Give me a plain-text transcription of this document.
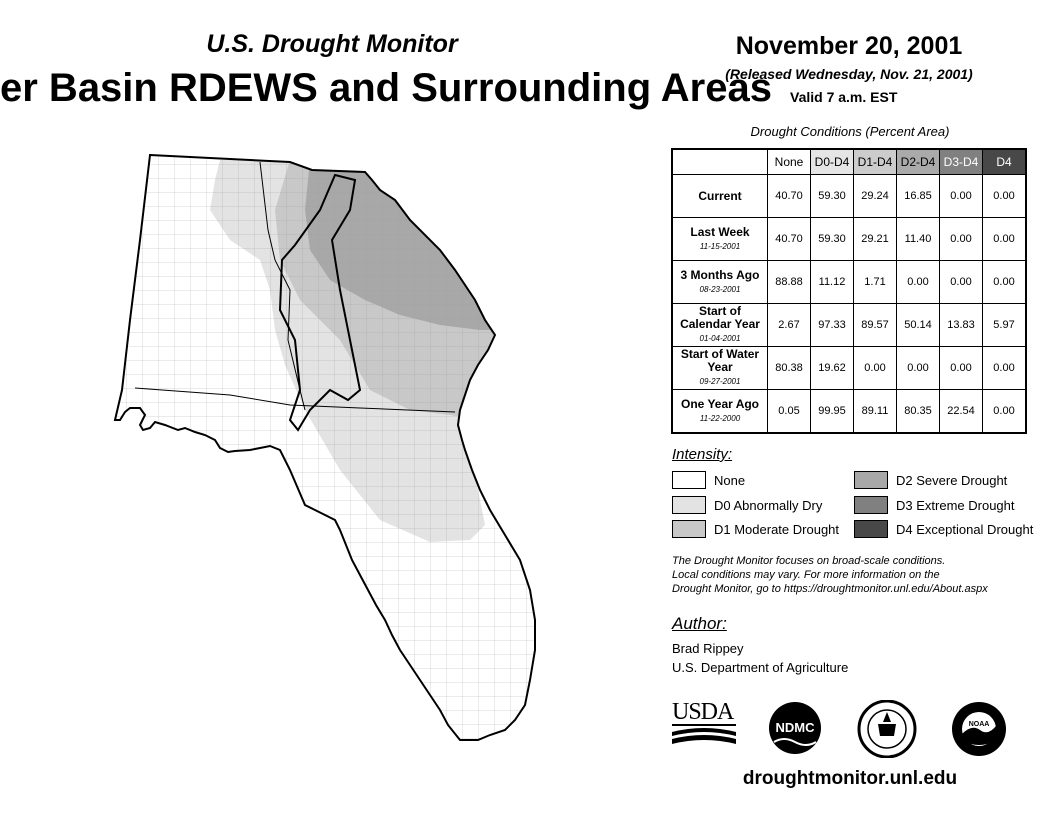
U.S. Drought Monitor
er Basin RDEWS and Surrounding Areas
November 20, 2001
(Released Wednesday, Nov. 21, 2001)
Valid 7 a.m. EST
Drought Conditions (Percent Area)
	None	D0-D4	D1-D4	D2-D4	D3-D4	D4
Current	40.70	59.30	29.24	16.85	0.00	0.00
Last Week
11-15-2001	40.70	59.30	29.21	11.40	0.00	0.00
3 Months Ago
08-23-2001	88.88	11.12	1.71	0.00	0.00	0.00
Start of Calendar Year
01-04-2001	2.67	97.33	89.57	50.14	13.83	5.97
Start of Water Year
09-27-2001	80.38	19.62	0.00	0.00	0.00	0.00
One Year Ago
11-22-2000	0.05	99.95	89.11	80.35	22.54	0.00
Intensity:
None
D0 Abnormally Dry
D1 Moderate Drought
D2 Severe Drought
D3 Extreme Drought
D4 Exceptional Drought
The Drought Monitor focuses on broad-scale conditions.
Local conditions may vary. For more information on the
Drought Monitor, go to https://droughtmonitor.unl.edu/About.aspx
Author:
Brad Rippey
U.S. Department of Agriculture
USDA
NDMC	NOAA
droughtmonitor.unl.edu
